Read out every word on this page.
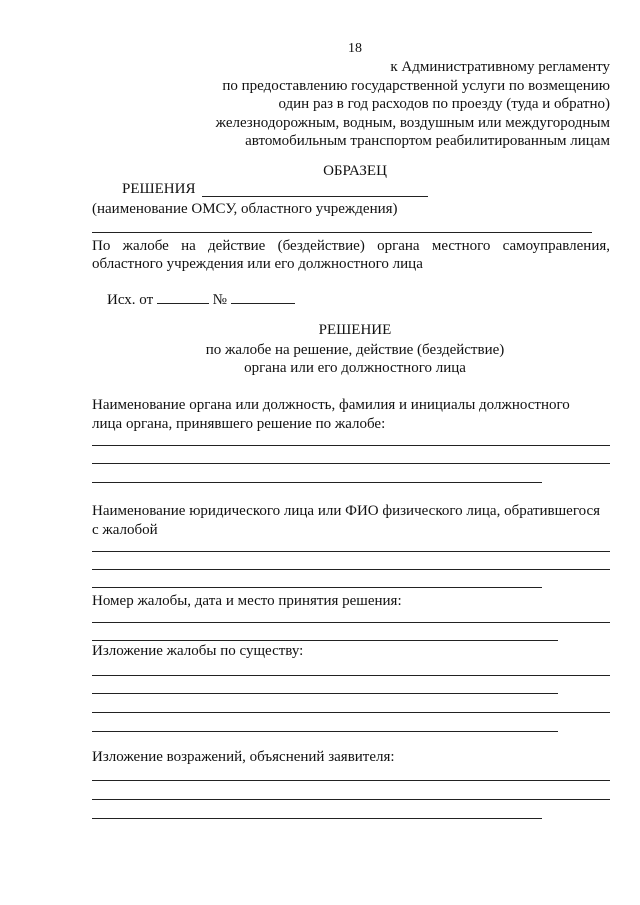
18
к Административному регламенту
по предоставлению государственной услуги по возмещению
один раз в год расходов по проезду (туда и обратно)
железнодорожным, водным, воздушным или междугородным
автомобильным транспортом реабилитированным лицам
ОБРАЗЕЦ
РЕШЕНИЯ
(наименование ОМСУ, областного учреждения)
По жалобе на действие (бездействие) органа местного самоуправления,
областного учреждения или его должностного лица
Исх. от	№
РЕШЕНИЕ
по жалобе на решение, действие (бездействие)
органа или его должностного лица
Наименование органа или должность, фамилия и инициалы должностного
лица органа, принявшего решение по жалобе:
Наименование юридического лица или ФИО физического лица, обратившегося
с жалобой
Номер жалобы, дата и место принятия решения:
Изложение жалобы по существу:
Изложение возражений, объяснений заявителя:
